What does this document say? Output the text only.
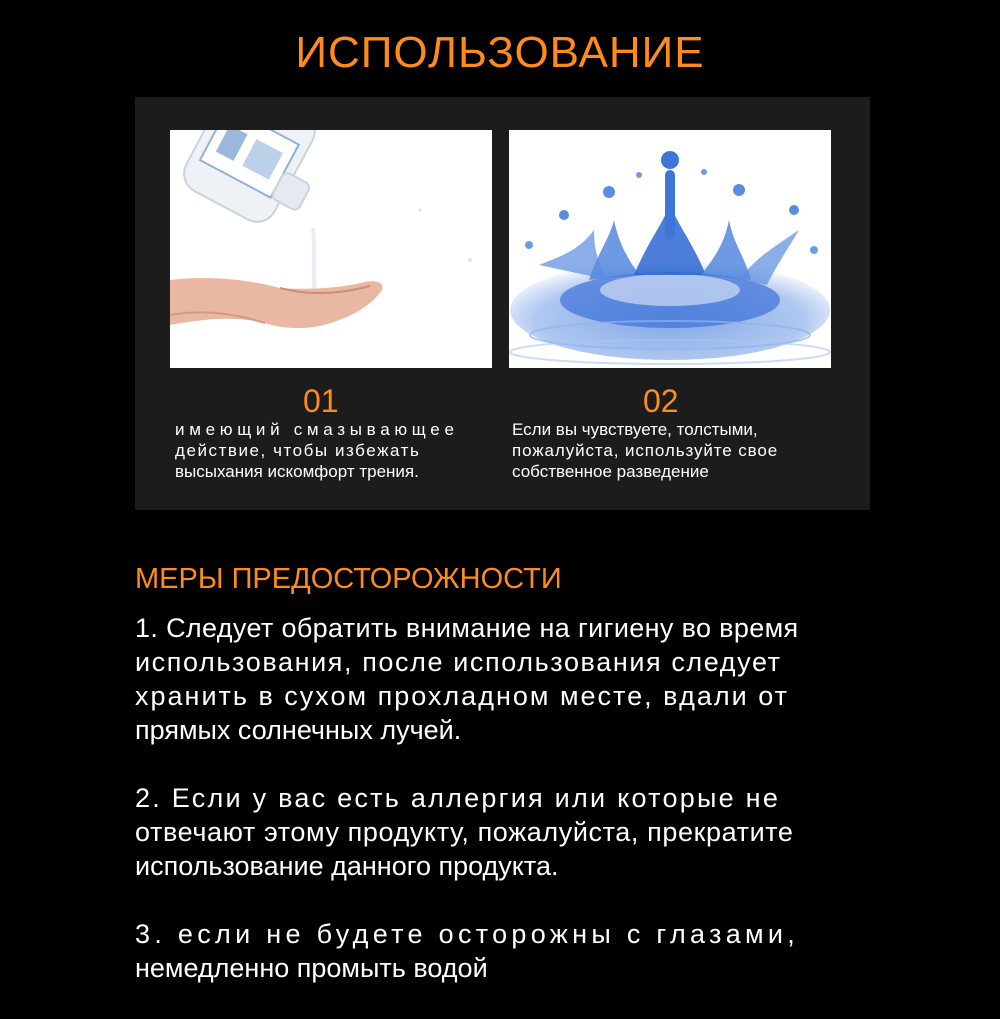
ИСПОЛЬЗОВАНИЕ
01	02
имеющий смазывающее
действие, чтобы избежать
высыхания искомфорт трения.
Если вы чувствуете, толстыми,
пожалуйста, используйте свое
собственное разведение
МЕРЫ ПРЕДОСТОРОЖНОСТИ
1. Следует обратить внимание на гигиену во время
использования, после использования следует
хранить в сухом прохладном месте, вдали от
прямых солнечных лучей.
2. Если у вас есть аллергия или которые не
отвечают этому продукту, пожалуйста, прекратите
использование данного продукта.
3. если не будете осторожны с глазами,
немедленно промыть водой
